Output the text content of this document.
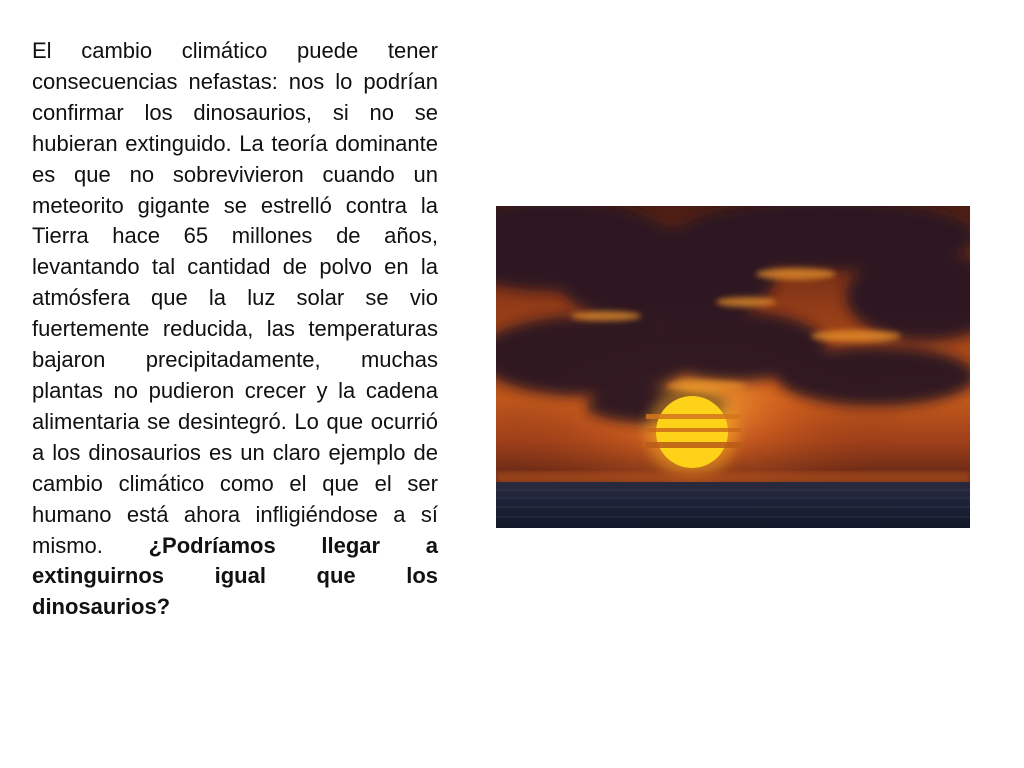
El cambio climático puede tener consecuencias nefastas: nos lo podrían confirmar los dinosaurios, si no se hubieran extinguido. La teoría dominante es que no sobrevivieron cuando un meteorito gigante se estrelló contra la Tierra hace 65 millones de años, levantando tal cantidad de polvo en la atmósfera que la luz solar se vio fuertemente reducida, las temperaturas bajaron precipitadamente, muchas plantas no pudieron crecer y la cadena alimentaria se desintegró. Lo que ocurrió a los dinosaurios es un claro ejemplo de cambio climático como el que el ser humano está ahora infligiéndose a sí mismo. ¿Podríamos llegar a extinguirnos igual que los dinosaurios?
